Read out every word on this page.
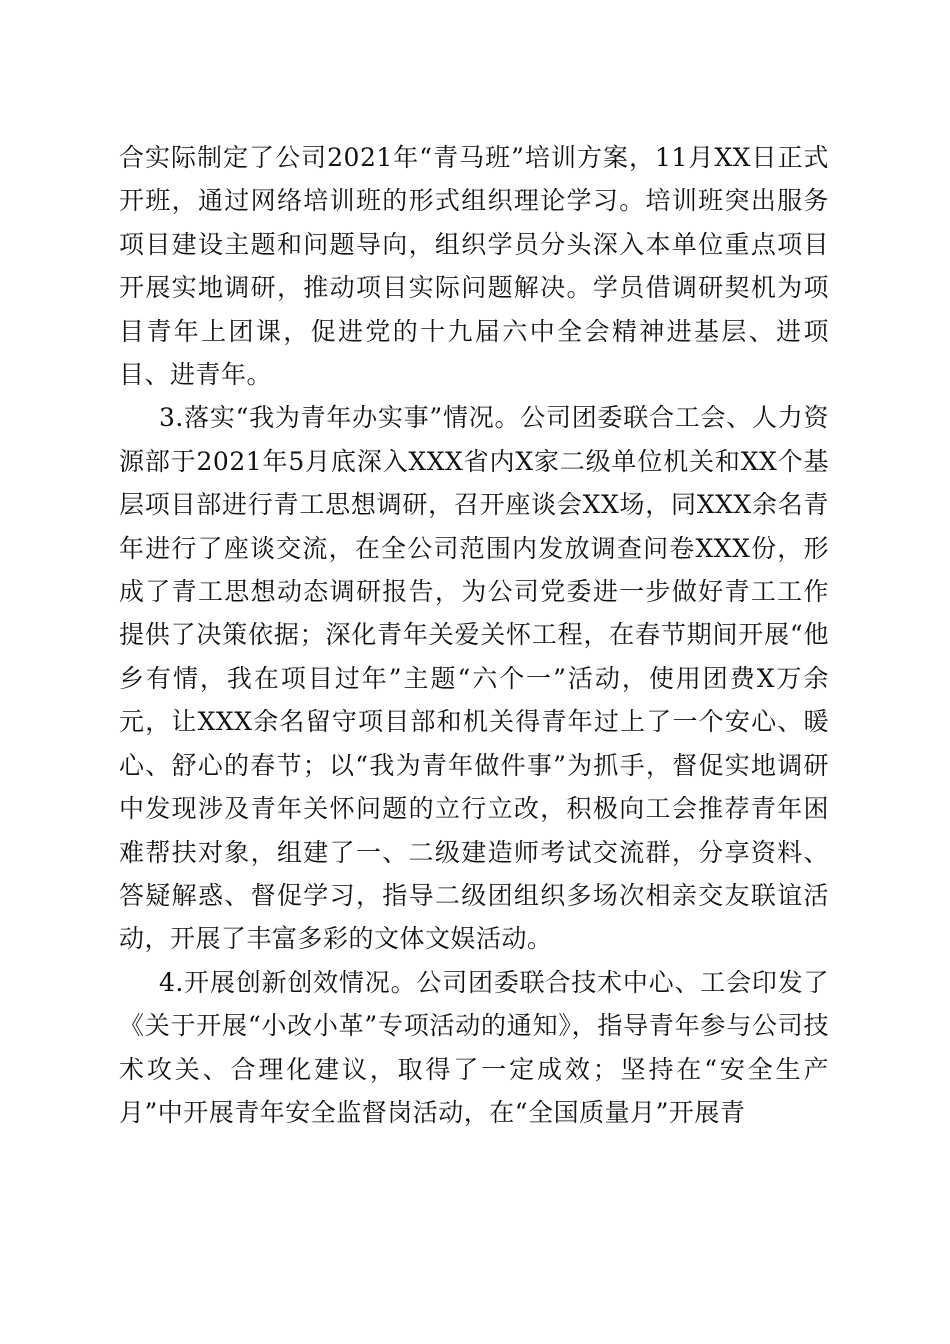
合实际制定了公司2021年“青马班”培训方案，11月XX日正式开班，通过网络培训班的形式组织理论学习。培训班突出服务项目建设主题和问题导向，组织学员分头深入本单位重点项目开展实地调研，推动项目实际问题解决。学员借调研契机为项目青年上团课，促进党的十九届六中全会精神进基层、进项目、进青年。

3.落实“我为青年办实事”情况。公司团委联合工会、人力资源部于2021年5月底深入XXX省内X家二级单位机关和XX个基层项目部进行青工思想调研，召开座谈会XX场，同XXX余名青年进行了座谈交流，在全公司范围内发放调查问卷XXX份，形成了青工思想动态调研报告，为公司党委进一步做好青工工作提供了决策依据；深化青年关爱关怀工程，在春节期间开展“他乡有情，我在项目过年”主题“六个一”活动，使用团费X万余元，让XXX余名留守项目部和机关得青年过上了一个安心、暖心、舒心的春节；以“我为青年做件事”为抓手，督促实地调研中发现涉及青年关怀问题的立行立改，积极向工会推荐青年困难帮扶对象，组建了一、二级建造师考试交流群，分享资料、答疑解惑、督促学习，指导二级团组织多场次相亲交友联谊活动，开展了丰富多彩的文体文娱活动。

4.开展创新创效情况。公司团委联合技术中心、工会印发了《关于开展“小改小革”专项活动的通知》，指导青年参与公司技术攻关、合理化建议，取得了一定成效；坚持在“安全生产月”中开展青年安全监督岗活动，在“全国质量月”开展青
